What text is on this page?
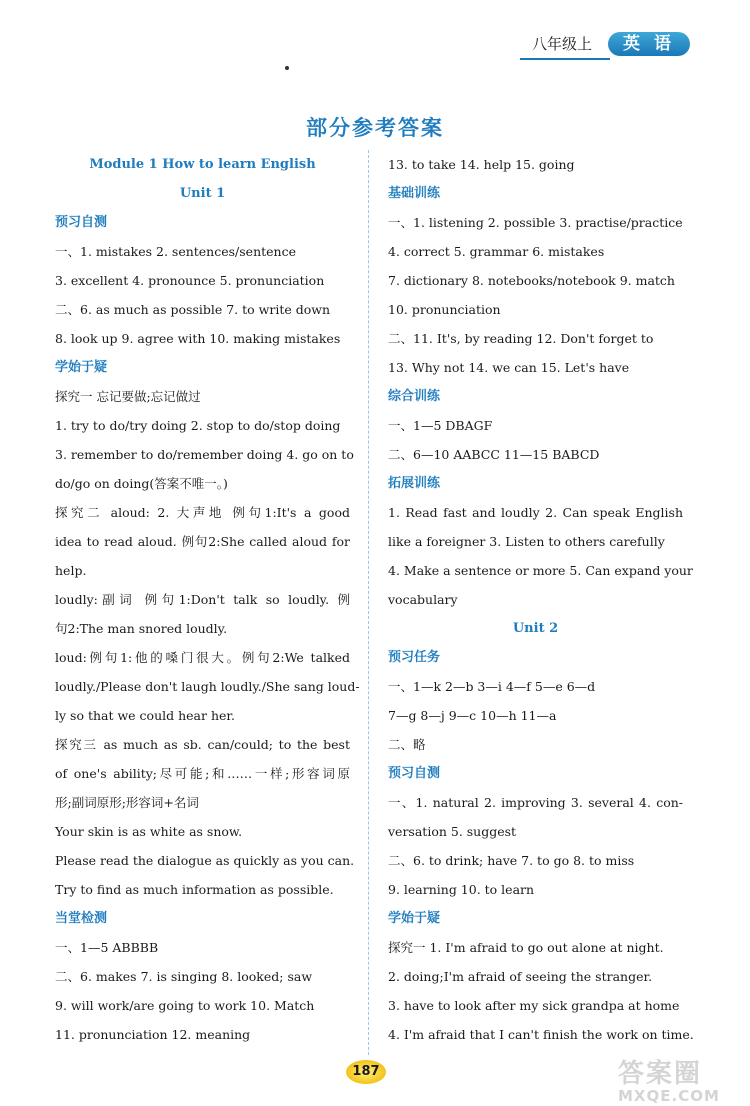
八年级上	英 语
部分参考答案
Module 1 How to learn English
Unit 1
预习自测
一、1. mistakes 2. sentences/sentence
3. excellent 4. pronounce 5. pronunciation
二、6. as much as possible 7. to write down
8. look up 9. agree with 10. making mistakes
学始于疑
探究一 忘记要做;忘记做过
1. try to do/try doing 2. stop to do/stop doing
3. remember to do/remember doing 4. go on to
do/go on doing(答案不唯一。)
探究二 aloud: 2. 大声地 例句1:It's a good
idea to read aloud. 例句2:She called aloud for
help.
loudly:副词 例句1:Don't talk so loudly. 例
句2:The man snored loudly.
loud:例句1:他的嗓门很大。例句2:We talked
loudly./Please don't laugh loudly./She sang loud-
ly so that we could hear her.
探究三 as much as sb. can/could; to the best
of one's ability;尽可能;和……一样;形容词原
形;副词原形;形容词+名词
Your skin is as white as snow.
Please read the dialogue as quickly as you can.
Try to find as much information as possible.
当堂检测
一、1—5 ABBBB
二、6. makes 7. is singing 8. looked; saw
9. will work/are going to work 10. Match
11. pronunciation 12. meaning
13. to take 14. help 15. going
基础训练
一、1. listening 2. possible 3. practise/practice
4. correct 5. grammar 6. mistakes
7. dictionary 8. notebooks/notebook 9. match
10. pronunciation
二、11. It's, by reading 12. Don't forget to
13. Why not 14. we can 15. Let's have
综合训练
一、1—5 DBAGF
二、6—10 AABCC 11—15 BABCD
拓展训练
1. Read fast and loudly 2. Can speak English
like a foreigner 3. Listen to others carefully
4. Make a sentence or more 5. Can expand your
vocabulary
Unit 2
预习任务
一、1—k 2—b 3—i 4—f 5—e 6—d
7—g 8—j 9—c 10—h 11—a
二、略
预习自测
一、1. natural 2. improving 3. several 4. con-
versation 5. suggest
二、6. to drink; have 7. to go 8. to miss
9. learning 10. to learn
学始于疑
探究一 1. I'm afraid to go out alone at night.
2. doing;I'm afraid of seeing the stranger.
3. have to look after my sick grandpa at home
4. I'm afraid that I can't finish the work on time.
187	答案圈
MXQE.COM
